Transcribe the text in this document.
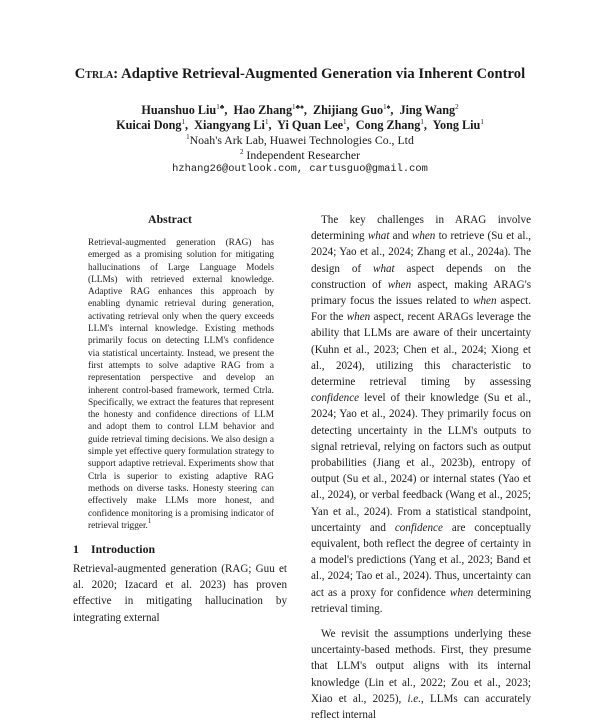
Ctrla: Adaptive Retrieval-Augmented Generation via Inherent Control
Huanshuo Liu$^{1♣}$,  Hao Zhang$^{1♣♠}$,  Zhijiang Guo$^{1♠}$,  Jing Wang$^2$
Kuicai Dong$^1$,  Xiangyang Li$^1$,  Yi Quan Lee$^1$,  Cong Zhang$^1$,  Yong Liu$^1$
$^1$Noah's Ark Lab, Huawei Technologies Co., Ltd
$^2$ Independent Researcher
hzhang26@outlook.com, cartusguo@gmail.com
Abstract

Retrieval-augmented generation (RAG) has emerged as a promising solution for mitigating hallucinations of Large Language Models (LLMs) with retrieved external knowledge. Adaptive RAG enhances this approach by enabling dynamic retrieval during generation, activating retrieval only when the query exceeds LLM's internal knowledge. Existing methods primarily focus on detecting LLM's confidence via statistical uncertainty. Instead, we present the first attempts to solve adaptive RAG from a representation perspective and develop an inherent control-based framework, termed Ctrla. Specifically, we extract the features that represent the honesty and confidence directions of LLM and adopt them to control LLM behavior and guide retrieval timing decisions. We also design a simple yet effective query formulation strategy to support adaptive retrieval. Experiments show that Ctrla is superior to existing adaptive RAG methods on diverse tasks. Honesty steering can effectively make LLMs more honest, and confidence monitoring is a promising indicator of retrieval trigger.$^1$

1 Introduction

Retrieval-augmented generation (RAG; Guu et al. 2020; Izacard et al. 2023) has proven effective in mitigating hallucination by integrating external

The key challenges in ARAG involve determining what and when to retrieve (Su et al., 2024; Yao et al., 2024; Zhang et al., 2024a). The design of what aspect depends on the construction of when aspect, making ARAG's primary focus the issues related to when aspect. For the when aspect, recent ARAGs leverage the ability that LLMs are aware of their uncertainty (Kuhn et al., 2023; Chen et al., 2024; Xiong et al., 2024), utilizing this characteristic to determine retrieval timing by assessing confidence level of their knowledge (Su et al., 2024; Yao et al., 2024). They primarily focus on detecting uncertainty in the LLM's outputs to signal retrieval, relying on factors such as output probabilities (Jiang et al., 2023b), entropy of output (Su et al., 2024) or internal states (Yao et al., 2024), or verbal feedback (Wang et al., 2025; Yan et al., 2024). From a statistical standpoint, uncertainty and confidence are conceptually equivalent, both reflect the degree of certainty in a model's predictions (Yang et al., 2023; Band et al., 2024; Tao et al., 2024). Thus, uncertainty can act as a proxy for confidence when determining retrieval timing.

We revisit the assumptions underlying these uncertainty-based methods. First, they presume that LLM's output aligns with its internal knowledge (Lin et al., 2022; Zou et al., 2023; Xiao et al., 2025), i.e., LLMs can accurately reflect internal
